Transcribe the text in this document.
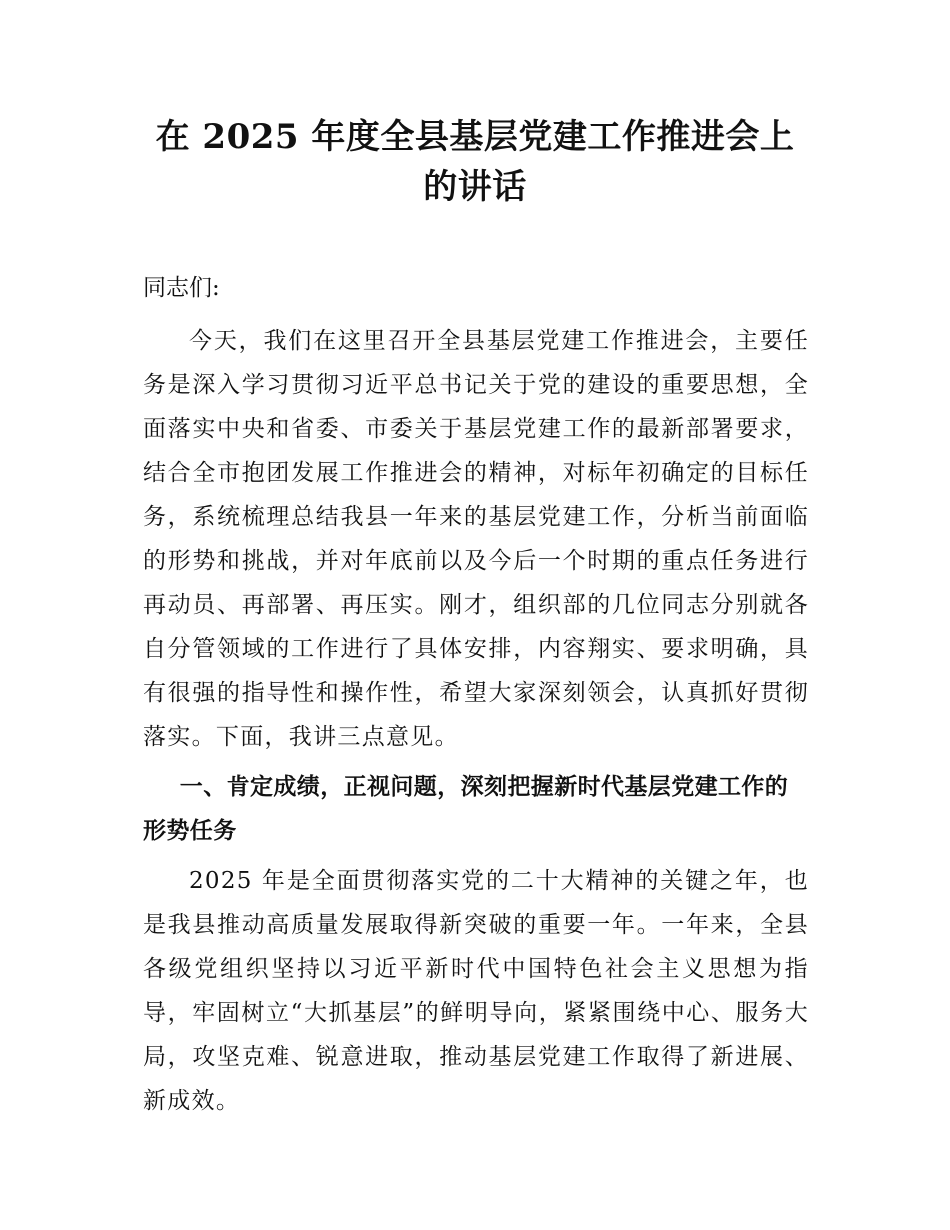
在 2025 年度全县基层党建工作推进会上的讲话

同志们:

今天，我们在这里召开全县基层党建工作推进会，主要任务是深入学习贯彻习近平总书记关于党的建设的重要思想，全面落实中央和省委、市委关于基层党建工作的最新部署要求，结合全市抱团发展工作推进会的精神，对标年初确定的目标任务，系统梳理总结我县一年来的基层党建工作，分析当前面临的形势和挑战，并对年底前以及今后一个时期的重点任务进行再动员、再部署、再压实。刚才，组织部的几位同志分别就各自分管领域的工作进行了具体安排，内容翔实、要求明确，具有很强的指导性和操作性，希望大家深刻领会，认真抓好贯彻落实。下面，我讲三点意见。

一、肯定成绩，正视问题，深刻把握新时代基层党建工作的形势任务

2025 年是全面贯彻落实党的二十大精神的关键之年，也是我县推动高质量发展取得新突破的重要一年。一年来，全县各级党组织坚持以习近平新时代中国特色社会主义思想为指导，牢固树立“大抓基层”的鲜明导向，紧紧围绕中心、服务大局，攻坚克难、锐意进取，推动基层党建工作取得了新进展、新成效。
